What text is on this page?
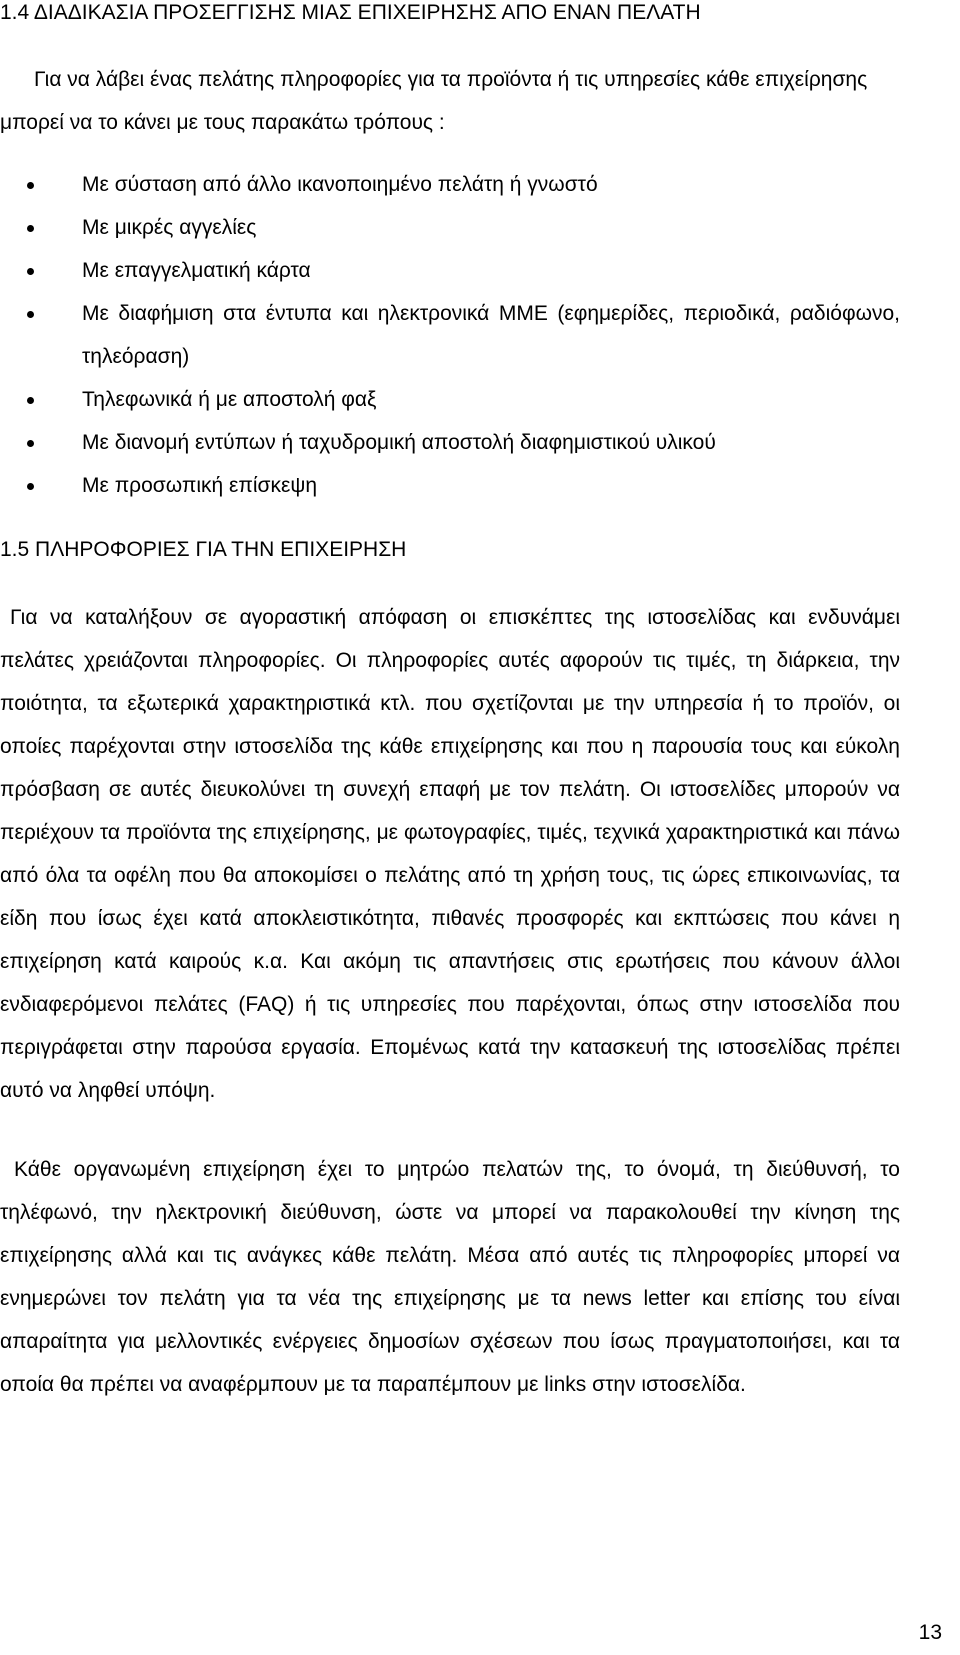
1.4 ΔΙΑΔΙΚΑΣΙΑ ΠΡΟΣΕΓΓΙΣΗΣ ΜΙΑΣ ΕΠΙΧΕΙΡΗΣΗΣ ΑΠΟ ΕΝΑΝ ΠΕΛΑΤΗ

Για να λάβει ένας πελάτης πληροφορίες για τα προϊόντα ή τις υπηρεσίες κάθε επιχείρησης μπορεί να το κάνει με τους παρακάτω τρόπους :

Με σύσταση από άλλο ικανοποιημένο πελάτη ή γνωστό
Με μικρές αγγελίες
Με επαγγελματική κάρτα
Με διαφήμιση στα έντυπα και ηλεκτρονικά ΜΜΕ (εφημερίδες, περιοδικά, ραδιόφωνο, τηλεόραση)
Τηλεφωνικά ή με αποστολή φαξ
Με διανομή εντύπων ή ταχυδρομική αποστολή διαφημιστικού υλικού
Με προσωπική επίσκεψη
1.5 ΠΛΗΡΟΦΟΡΙΕΣ ΓΙΑ ΤΗΝ ΕΠΙΧΕΙΡΗΣΗ

Για να καταλήξουν σε αγοραστική απόφαση οι επισκέπτες της ιστοσελίδας και ενδυνάμει πελάτες χρειάζονται πληροφορίες. Οι πληροφορίες αυτές αφορούν τις τιμές, τη διάρκεια, την ποιότητα, τα εξωτερικά χαρακτηριστικά κτλ. που σχετίζονται με την υπηρεσία ή το προϊόν, οι οποίες παρέχονται στην ιστοσελίδα της κάθε επιχείρησης και που η παρουσία τους και εύκολη πρόσβαση σε αυτές διευκολύνει τη συνεχή επαφή με τον πελάτη. Οι ιστοσελίδες μπορούν να περιέχουν τα προϊόντα της επιχείρησης, με φωτογραφίες, τιμές, τεχνικά χαρακτηριστικά και πάνω από όλα τα οφέλη που θα αποκομίσει ο πελάτης από τη χρήση τους, τις ώρες επικοινωνίας, τα είδη που ίσως έχει κατά αποκλειστικότητα, πιθανές προσφορές και εκπτώσεις που κάνει η επιχείρηση κατά καιρούς κ.α. Και ακόμη τις απαντήσεις στις ερωτήσεις που κάνουν άλλοι ενδιαφερόμενοι πελάτες (FAQ) ή τις υπηρεσίες που παρέχονται, όπως στην ιστοσελίδα που περιγράφεται στην παρούσα εργασία. Επομένως κατά την κατασκευή της ιστοσελίδας πρέπει αυτό να ληφθεί υπόψη.

Κάθε οργανωμένη επιχείρηση έχει το μητρώο πελατών της, το όνομά, τη διεύθυνσή, το τηλέφωνό, την ηλεκτρονική διεύθυνση, ώστε να μπορεί να παρακολουθεί την κίνηση της επιχείρησης αλλά και τις ανάγκες κάθε πελάτη. Μέσα από αυτές τις πληροφορίες μπορεί να ενημερώνει τον πελάτη για τα νέα της επιχείρησης με τα news letter και επίσης του είναι απαραίτητα για μελλοντικές ενέργειες δημοσίων σχέσεων που ίσως πραγματοποιήσει, και τα οποία θα πρέπει να αναφέρμπουν με τα παραπέμπουν με links στην ιστοσελίδα.

13
